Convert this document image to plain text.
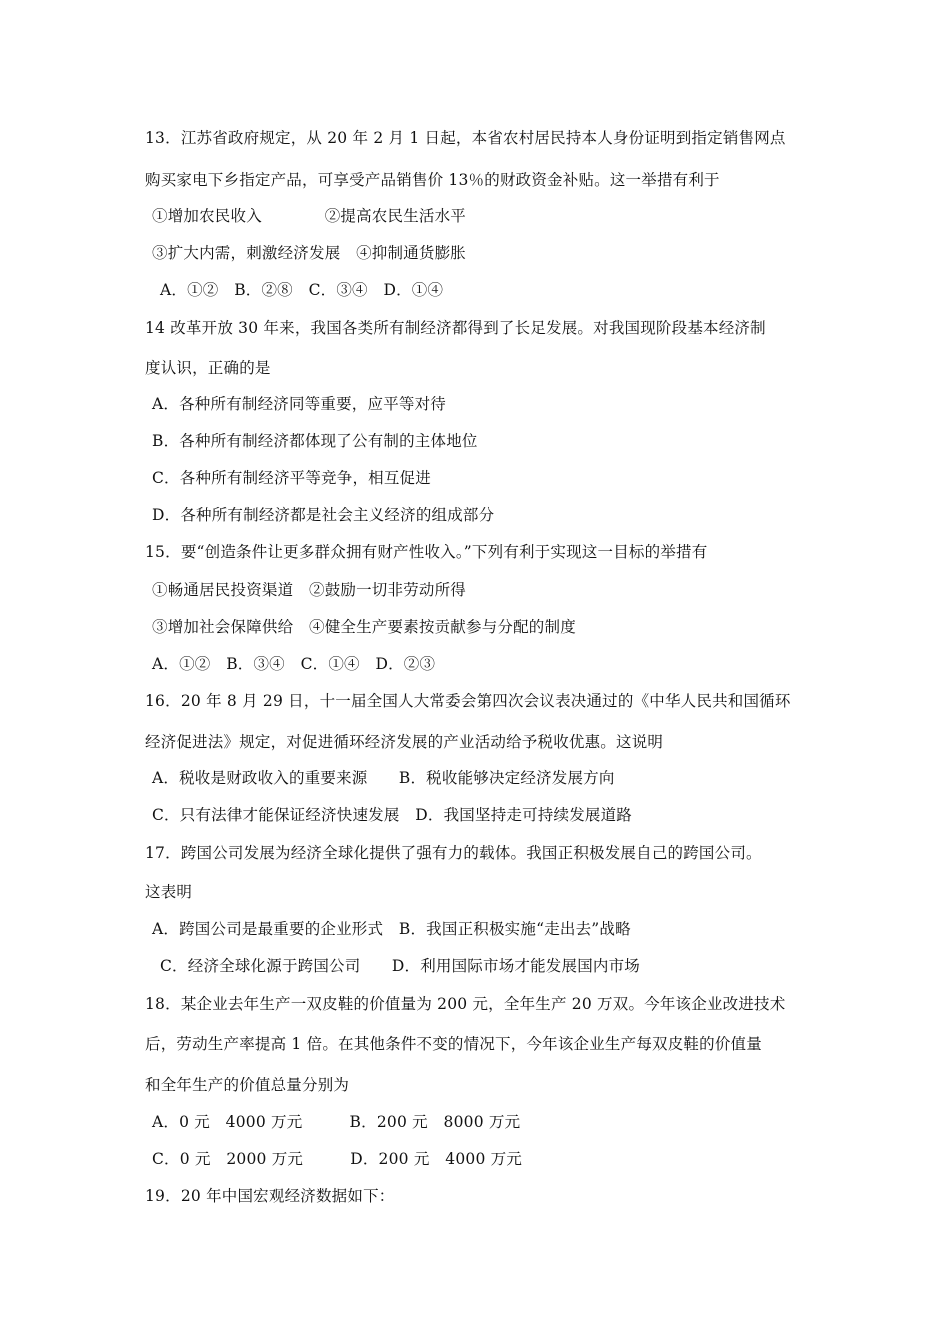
13．江苏省政府规定，从 20 年 2 月 1 日起，本省农村居民持本人身份证明到指定销售网点
购买家电下乡指定产品，可享受产品销售价 13％的财政资金补贴。这一举措有利于
①增加农民收入　　　　②提高农民生活水平
③扩大内需，刺激经济发展　④抑制通货膨胀
A．①②　B．②⑧　C．③④　D．①④
14 改革开放 30 年来，我国各类所有制经济都得到了长足发展。对我国现阶段基本经济制
度认识，正确的是
A．各种所有制经济同等重要，应平等对待
B．各种所有制经济都体现了公有制的主体地位
C．各种所有制经济平等竞争，相互促进
D．各种所有制经济都是社会主义经济的组成部分
15．要“创造条件让更多群众拥有财产性收入。”下列有利于实现这一目标的举措有
①畅通居民投资渠道　②鼓励一切非劳动所得
③增加社会保障供给　④健全生产要素按贡献参与分配的制度
A．①②　B．③④　C．①④　D．②③
16．20 年 8 月 29 日，十一届全国人大常委会第四次会议表决通过的《中华人民共和国循环
经济促进法》规定，对促进循环经济发展的产业活动给予税收优惠。这说明
A．税收是财政收入的重要来源　　B．税收能够决定经济发展方向
C．只有法律才能保证经济快速发展　D．我国坚持走可持续发展道路
17．跨国公司发展为经济全球化提供了强有力的载体。我国正积极发展自己的跨国公司。
这表明
A．跨国公司是最重要的企业形式　B．我国正积极实施“走出去”战略
C．经济全球化源于跨国公司　　D．利用国际市场才能发展国内市场
18．某企业去年生产一双皮鞋的价值量为 200 元，全年生产 20 万双。今年该企业改进技术
后，劳动生产率提高 1 倍。在其他条件不变的情况下，今年该企业生产每双皮鞋的价值量
和全年生产的价值总量分别为
A．0 元　4000 万元　　　B．200 元　8000 万元
C．0 元　2000 万元　　　D．200 元　4000 万元
19．20 年中国宏观经济数据如下：
